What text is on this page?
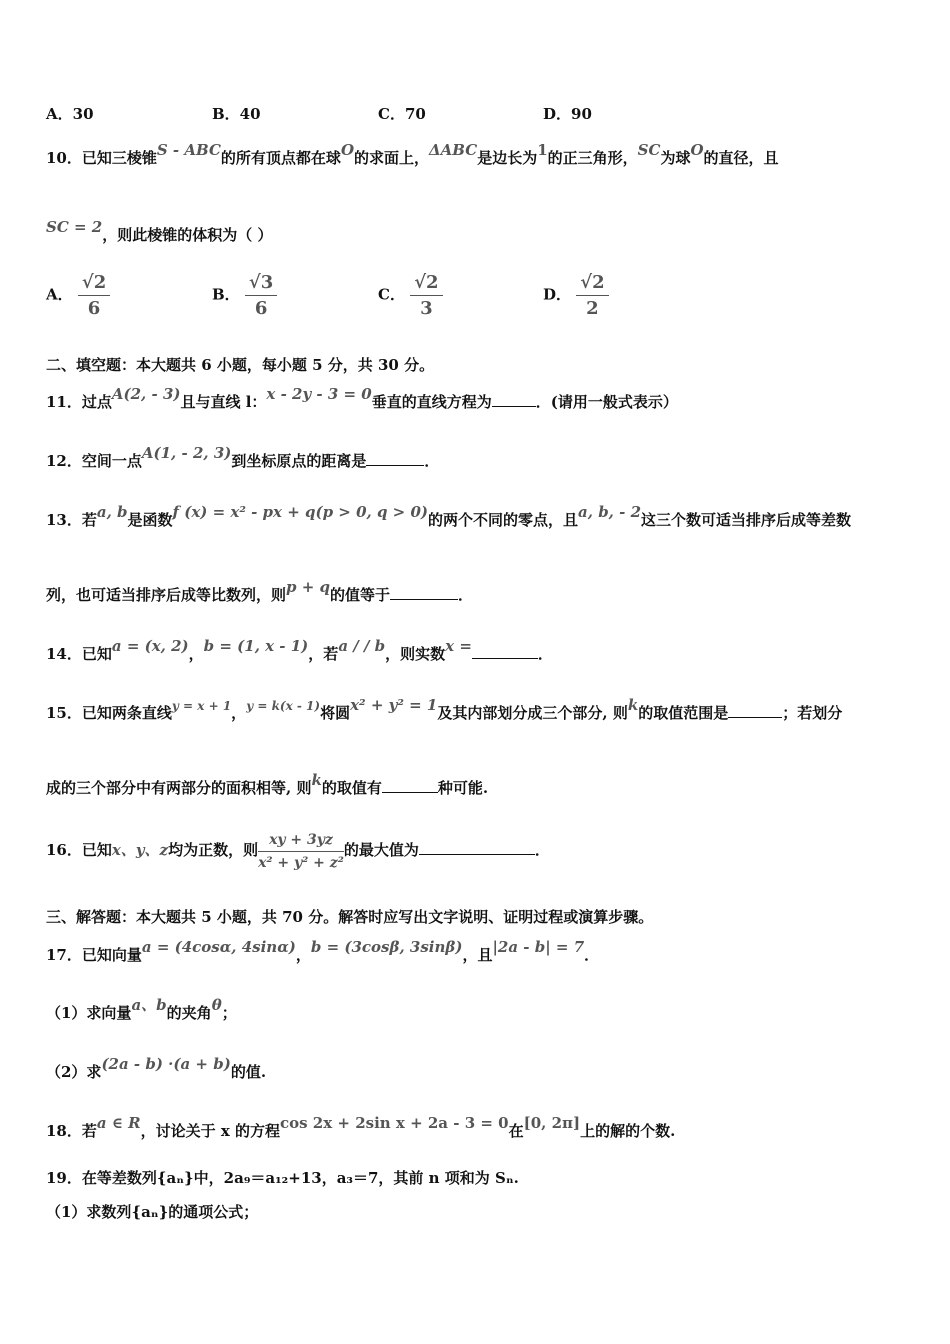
A．30	B．40	C．70	D．90
10．已知三棱锥S - ABC的所有顶点都在球O的求面上，ΔABC是边长为1的正三角形，SC为球O的直径，且
SC = 2，则此棱锥的体积为（ ）
A． $\frac{√2}{6}$	B． $\frac{√3}{6}$	C． $\frac{√2}{3}$	D． $\frac{√2}{2}$
二、填空题：本大题共 6 小题，每小题 5 分，共 30 分。
11．过点A(2, - 3)且与直线 l：x - 2y - 3 = 0垂直的直线方程为	．(请用一般式表示）
12．空间一点A(1, - 2, 3)到坐标原点的距离是	．
13．若a, b是函数f (x) = x² - px + q(p > 0, q > 0)的两个不同的零点，且a, b, - 2这三个数可适当排序后成等差数
列，也可适当排序后成等比数列，则p + q的值等于	．
14．已知a = (x, 2)，b = (1, x - 1)，若a / / b，则实数x =	．
15．已知两条直线$^{y = x + 1}$，$^{y = k(x - 1)}$将圆x² + y² = 1及其内部划分成三个部分, 则k的取值范围是	；若划分
成的三个部分中有两部分的面积相等, 则k的取值有	种可能.
16．已知x、y、z均为正数，则 $\frac{xy + 3yz}{\text{x² + y² + z²}}$ 的最大值为	．
三、解答题：本大题共 5 小题，共 70 分。解答时应写出文字说明、证明过程或演算步骤。
17．已知向量a = (4cosα, 4sinα)，b = (3cosβ, 3sinβ)，且|2a - b| = 7．
（1）求向量a、b的夹角θ；
（2）求(2a - b) ·(a + b)的值.
18．若a ∈ R，讨论关于 x 的方程cos 2x + 2sin x + 2a - 3 = 0在[0, 2π]上的解的个数.
19．在等差数列{aₙ}中，2a₉＝a₁₂+13，a₃＝7，其前 n 项和为 Sₙ.
（1）求数列{aₙ}的通项公式；
